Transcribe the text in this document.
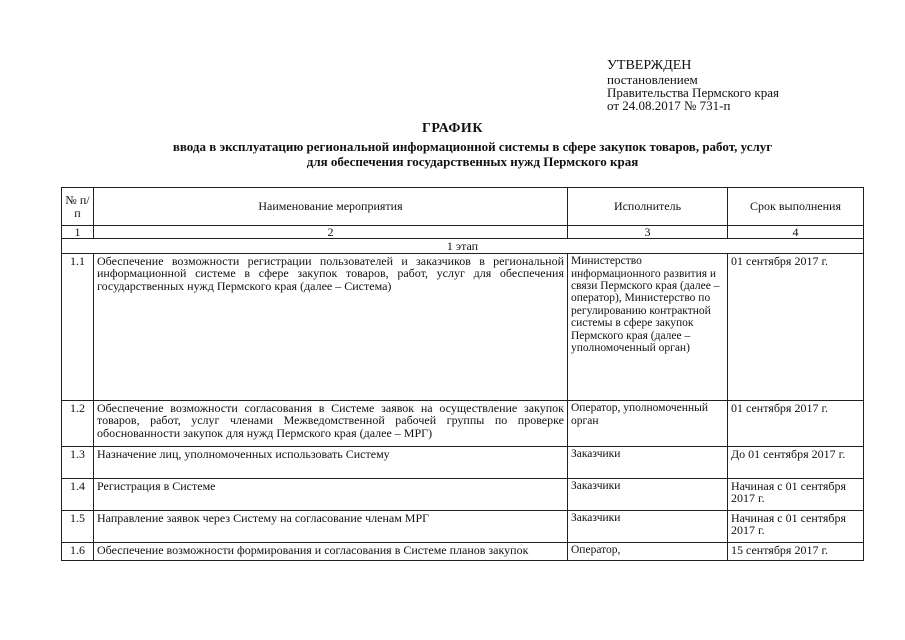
УТВЕРЖДЕН
постановлением
Правительства Пермского края
от 24.08.2017 № 731-п
ГРАФИК
ввода в эксплуатацию региональной информационной системы в сфере закупок товаров, работ, услуг
для обеспечения государственных нужд Пермского края
№ п/п	Наименование мероприятия	Исполнитель	Срок выполнения
1	2	3	4
1 этап			
1.1	Обеспечение возможности регистрации пользователей и заказчиков в региональной информационной системе в сфере закупок товаров, работ, услуг для обеспечения государственных нужд Пермского края (далее – Система)	Министерство информационного развития и связи Пермского края (далее – оператор), Министерство по регулированию контрактной системы в сфере закупок Пермского края (далее – уполномоченный орган)	01 сентября 2017 г.
1.2	Обеспечение возможности согласования в Системе заявок на осуществление закупок товаров, работ, услуг членами Межведомственной рабочей группы по проверке обоснованности закупок для нужд Пермского края (далее – МРГ)	Оператор, уполномоченный орган	01 сентября 2017 г.
1.3	Назначение лиц, уполномоченных использовать Систему	Заказчики	До 01 сентября 2017 г.
1.4	Регистрация в Системе	Заказчики	Начиная с 01 сентября 2017 г.
1.5	Направление заявок через Систему на согласование членам МРГ	Заказчики	Начиная с 01 сентября 2017 г.
1.6	Обеспечение возможности формирования и согласования в Системе планов закупок	Оператор,	15 сентября 2017 г.
